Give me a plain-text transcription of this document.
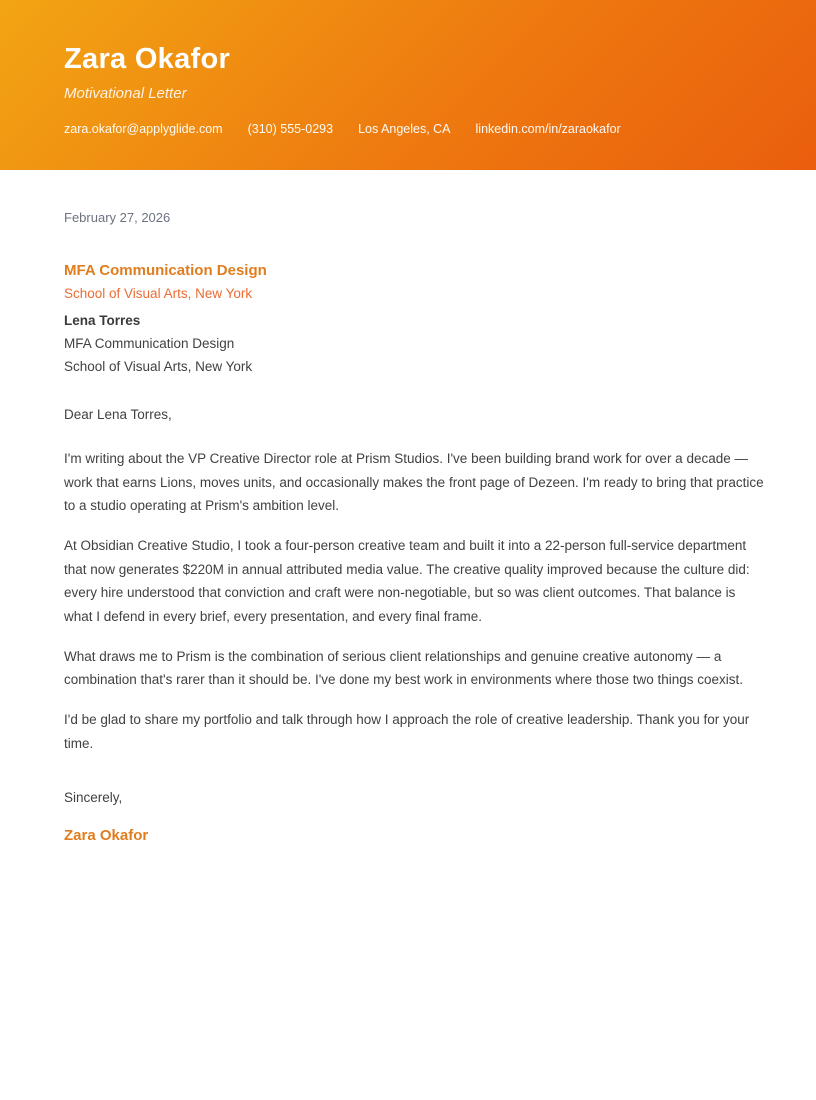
Zara Okafor
Motivational Letter
zara.okafor@applyglide.com (310) 555-0293 Los Angeles, CA linkedin.com/in/zaraokafor
February 27, 2026
MFA Communication Design
School of Visual Arts, New York
Lena Torres
MFA Communication Design
School of Visual Arts, New York
Dear Lena Torres,

I'm writing about the VP Creative Director role at Prism Studios. I've been building brand work for over a decade — work that earns Lions, moves units, and occasionally makes the front page of Dezeen. I'm ready to bring that practice to a studio operating at Prism's ambition level.

At Obsidian Creative Studio, I took a four-person creative team and built it into a 22-person full-service department that now generates $220M in annual attributed media value. The creative quality improved because the culture did: every hire understood that conviction and craft were non-negotiable, but so was client outcomes. That balance is what I defend in every brief, every presentation, and every final frame.

What draws me to Prism is the combination of serious client relationships and genuine creative autonomy — a combination that's rarer than it should be. I've done my best work in environments where those two things coexist.

I'd be glad to share my portfolio and talk through how I approach the role of creative leadership. Thank you for your time.

Sincerely,
Zara Okafor
